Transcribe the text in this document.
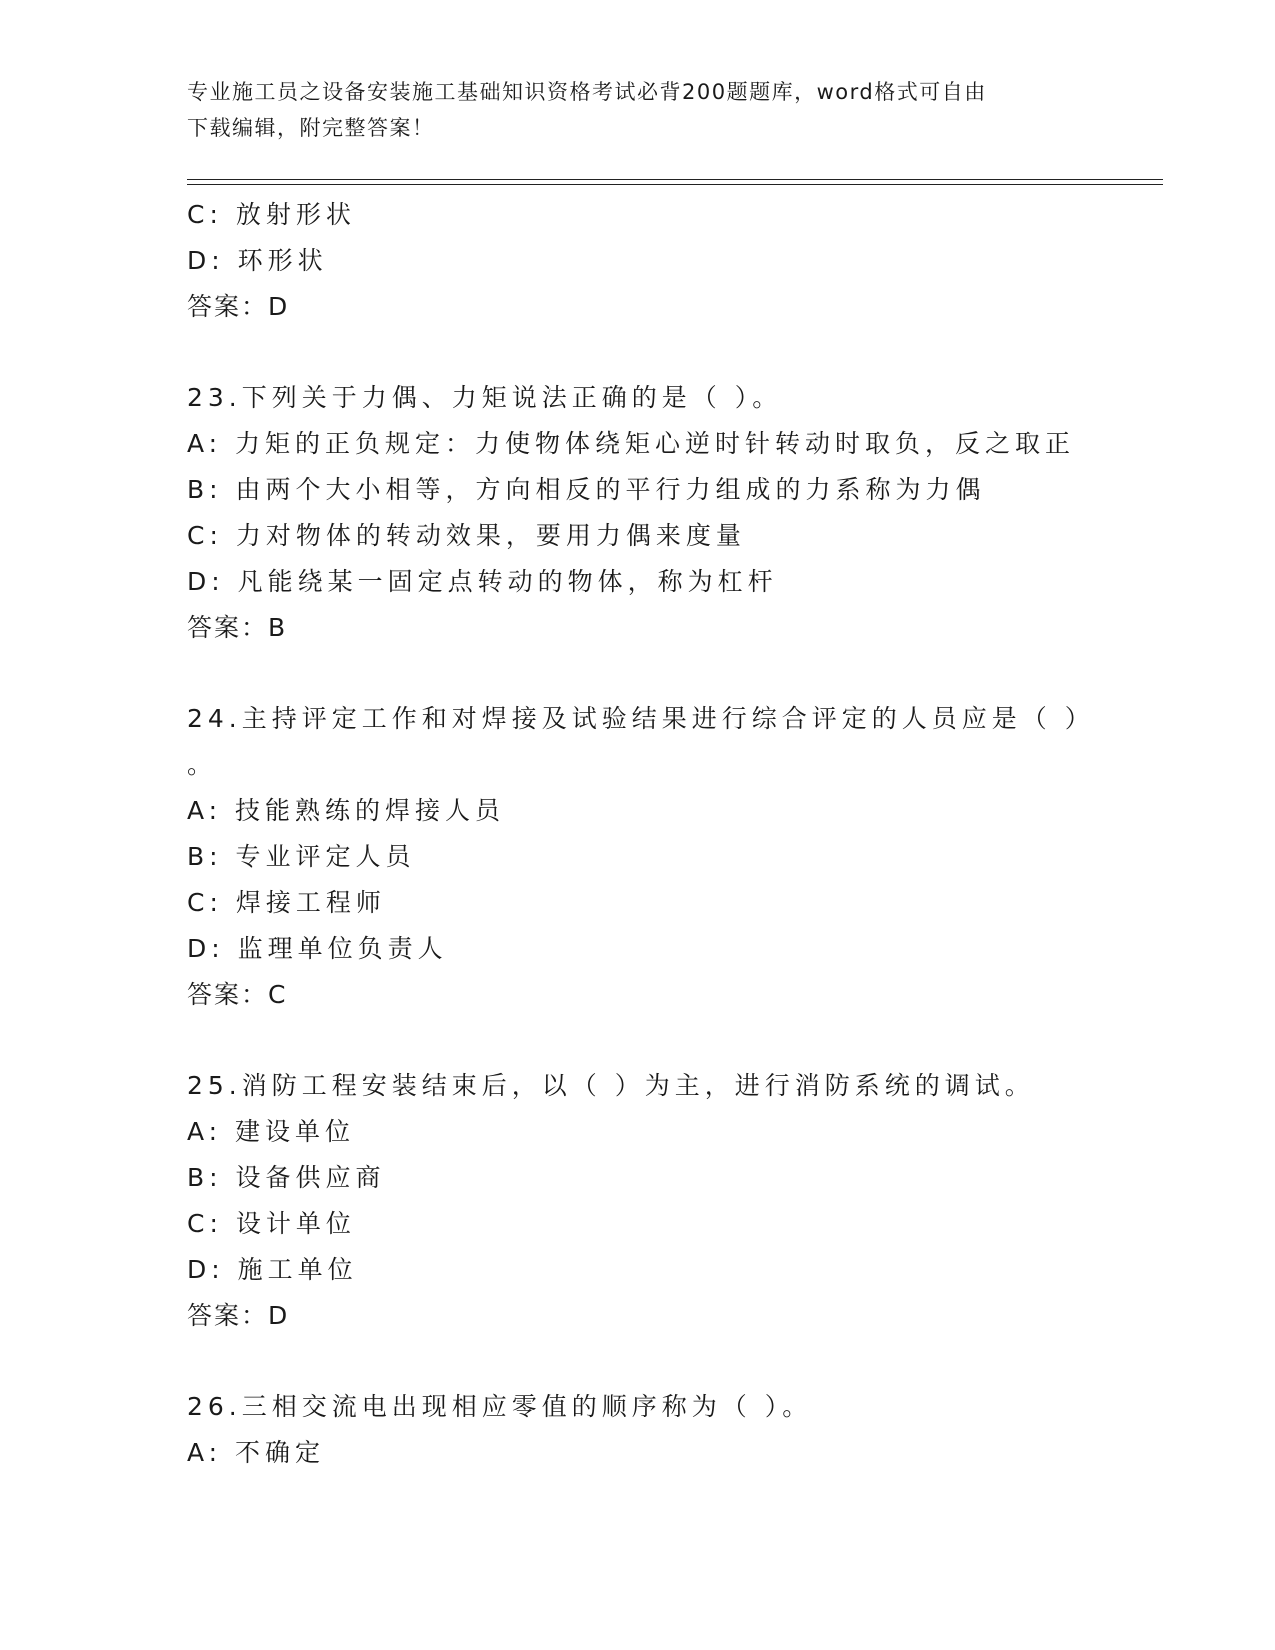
专业施工员之设备安装施工基础知识资格考试必背200题题库，word格式可自由
下载编辑，附完整答案！
C: 放射形状
D: 环形状
答案：D
23.下列关于力偶、力矩说法正确的是（ ）。
A: 力矩的正负规定：力使物体绕矩心逆时针转动时取负，反之取正
B: 由两个大小相等，方向相反的平行力组成的力系称为力偶
C: 力对物体的转动效果，要用力偶来度量
D: 凡能绕某一固定点转动的物体，称为杠杆
答案：B
24.主持评定工作和对焊接及试验结果进行综合评定的人员应是（ ）
。
A: 技能熟练的焊接人员
B: 专业评定人员
C: 焊接工程师
D: 监理单位负责人
答案：C
25.消防工程安装结束后，以（ ）为主，进行消防系统的调试。
A: 建设单位
B: 设备供应商
C: 设计单位
D: 施工单位
答案：D
26.三相交流电出现相应零值的顺序称为（ ）。
A: 不确定
